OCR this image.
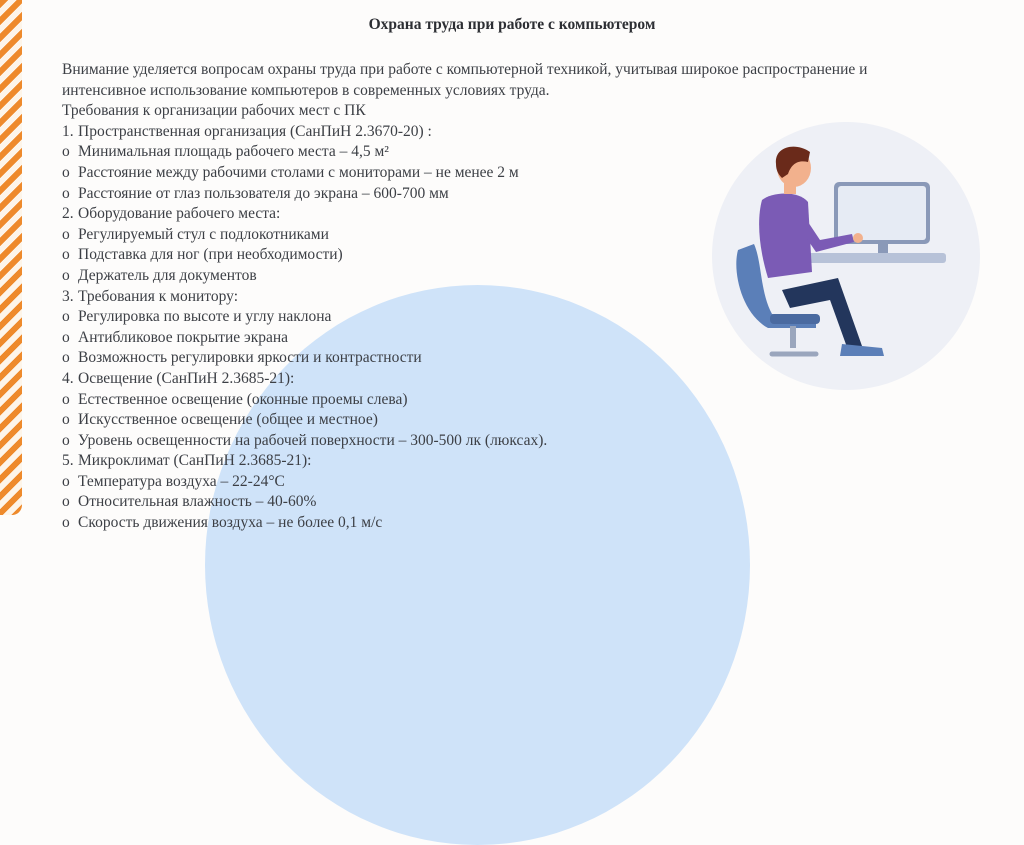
Охрана труда при работе с компьютером
Внимание уделяется вопросам охраны труда при работе с компьютерной техникой, учитывая широкое распространение и интенсивное использование компьютеров в современных условиях труда.
Требования к организации рабочих мест с ПК
1. Пространственная организация (СанПиН 2.3670-20) :
o Минимальная площадь рабочего места – 4,5 м²
o Расстояние между рабочими столами с мониторами – не менее 2 м
o Расстояние от глаз пользователя до экрана – 600-700 мм
2. Оборудование рабочего места:
o Регулируемый стул с подлокотниками
o Подставка для ног (при необходимости)
o Держатель для документов
3. Требования к монитору:
o Регулировка по высоте и углу наклона
o Антибликовое покрытие экрана
o Возможность регулировки яркости и контрастности
4. Освещение (СанПиН 2.3685-21):
o Естественное освещение (оконные проемы слева)
o Искусственное освещение (общее и местное)
o Уровень освещенности на рабочей поверхности – 300-500 лк (люксах).
5. Микроклимат (СанПиН 2.3685-21):
o Температура воздуха – 22-24°C
o Относительная влажность – 40-60%
o Скорость движения воздуха – не более 0,1 м/с
